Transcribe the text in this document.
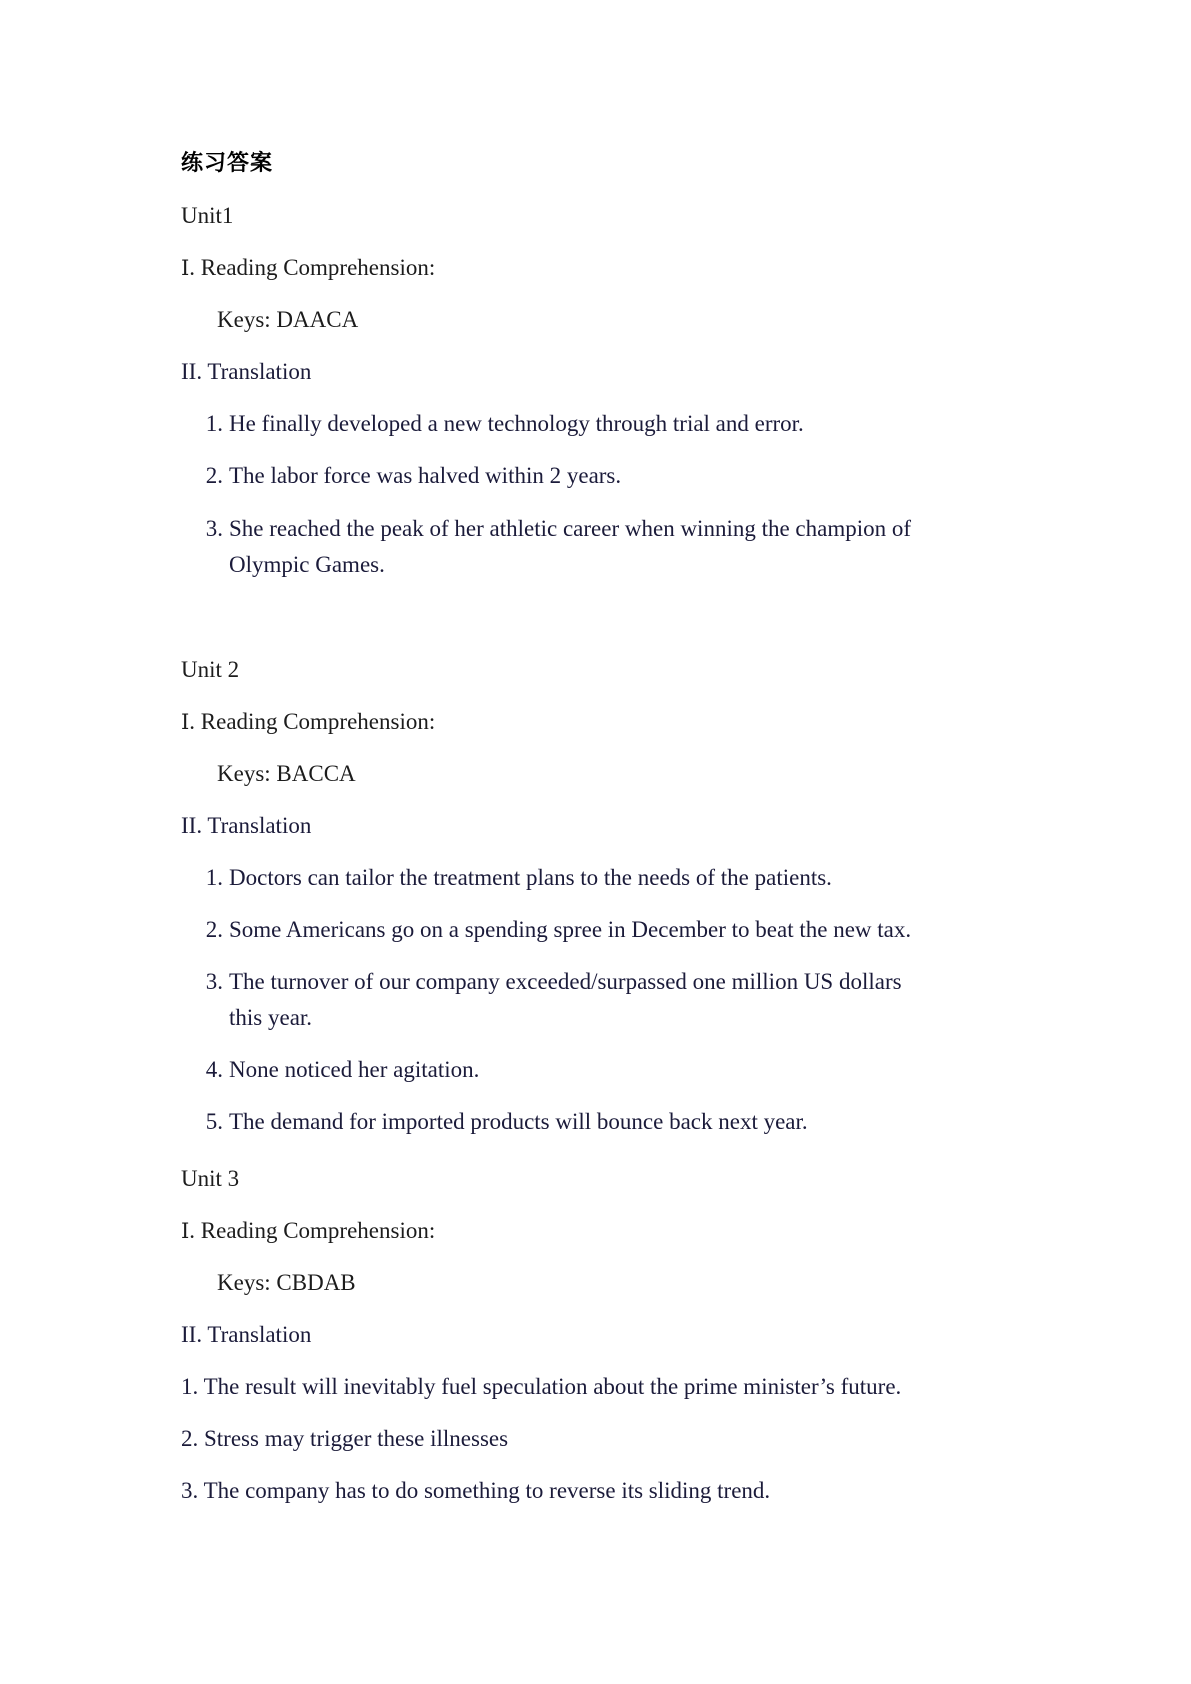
练习答案
Unit1
Ⅰ. Reading Comprehension:
Keys: DAACA
II. Translation
1. He finally developed a new technology through trial and error.
2. The labor force was halved within 2 years.
3. She reached the peak of her athletic career when winning the champion of
Olympic Games.
Unit 2
Ⅰ. Reading Comprehension:
Keys: BACCA
II. Translation
1. Doctors can tailor the treatment plans to the needs of the patients.
2. Some Americans go on a spending spree in December to beat the new tax.
3. The turnover of our company exceeded/surpassed one million US dollars
this year.
4. None noticed her agitation.
5. The demand for imported products will bounce back next year.
Unit 3
Ⅰ. Reading Comprehension:
Keys: CBDAB
II. Translation
1. The result will inevitably fuel speculation about the prime minister’s future.
2. Stress may trigger these illnesses
3. The company has to do something to reverse its sliding trend.
